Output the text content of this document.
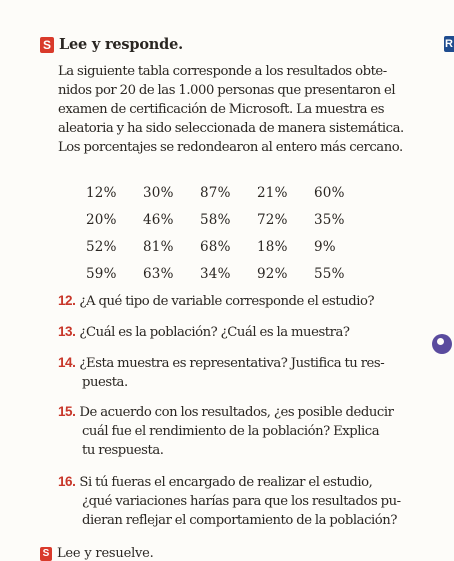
S Lee y responde.	R
La siguiente tabla corresponde a los resultados obte-
nidos por 20 de las 1.000 personas que presentaron el
examen de certificación de Microsoft. La muestra es
aleatoria y ha sido seleccionada de manera sistemática.
Los porcentajes se redondearon al entero más cercano.
12%	30%	87%	21%	60%
20%	46%	58%	72%	35%
52%	81%	68%	18%	9%
59%	63%	34%	92%	55%
12. ¿A qué tipo de variable corresponde el estudio?
13. ¿Cuál es la población? ¿Cuál es la muestra?
14. ¿Esta muestra es representativa? Justifica tu res-
puesta.
15. De acuerdo con los resultados, ¿es posible deducir
cuál fue el rendimiento de la población? Explica
tu respuesta.
16. Si tú fueras el encargado de realizar el estudio,
¿qué variaciones harías para que los resultados pu-
dieran reflejar el comportamiento de la población?
S Lee y resuelve.
